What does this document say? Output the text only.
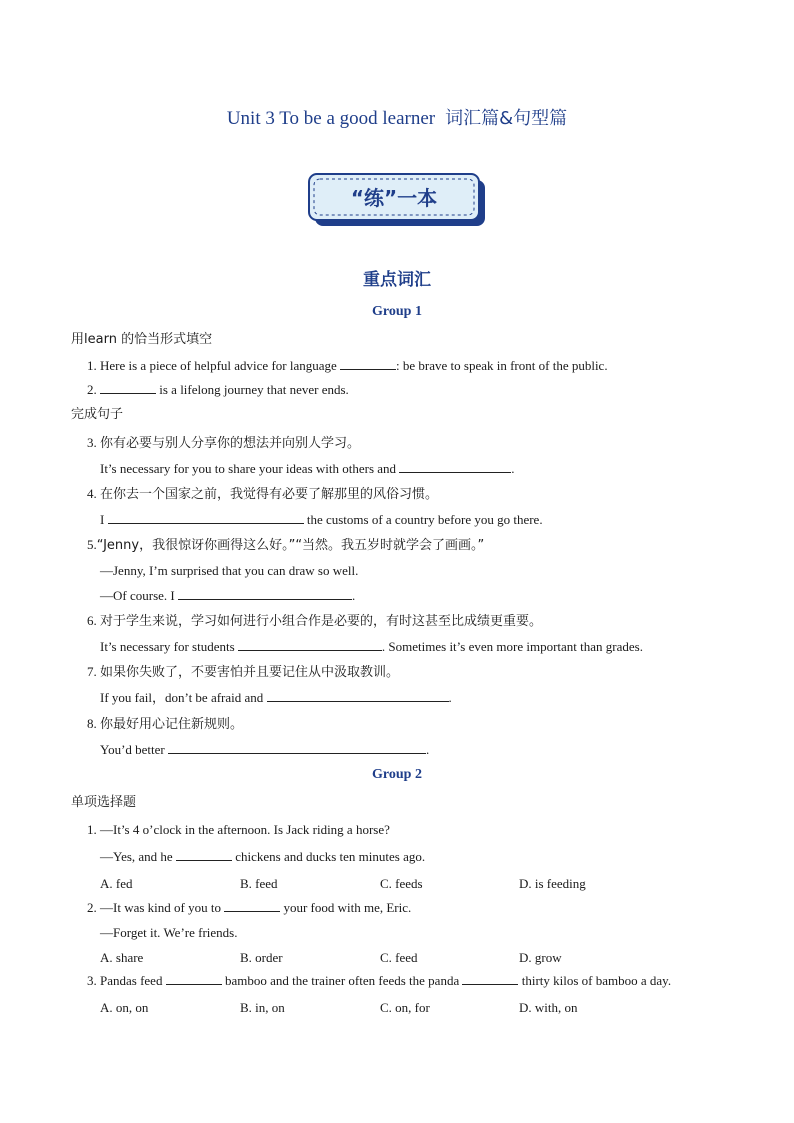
Unit 3 To be a good learner 词汇篇&句型篇
“练”一本
重点词汇
Group 1
用learn 的恰当形式填空
1. Here is a piece of helpful advice for language	: be brave to speak in front of the public.
2.	is a lifelong journey that never ends.
完成句子
3. 你有必要与别人分享你的想法并向别人学习。
It’s necessary for you to share your ideas with others and	.
4. 在你去一个国家之前，我觉得有必要了解那里的风俗习惯。
I	the customs of a country before you go there.
5.“Jenny，我很惊讶你画得这么好。”“当然。我五岁时就学会了画画。”
—Jenny, I’m surprised that you can draw so well.
—Of course. I	.
6. 对于学生来说，学习如何进行小组合作是必要的，有时这甚至比成绩更重要。
It’s necessary for students	. Sometimes it’s even more important than grades.
7. 如果你失败了，不要害怕并且要记住从中汲取教训。
If you fail，don’t be afraid and	.
8. 你最好用心记住新规则。
You’d better	.
Group 2
单项选择题
1. —It’s 4 o’clock in the afternoon. Is Jack riding a horse?
—Yes, and he	chickens and ducks ten minutes ago.
A. fed	B. feed	C. feeds	D. is feeding
2. —It was kind of you to	your food with me, Eric.
—Forget it. We’re friends.
A. share	B. order	C. feed	D. grow
3. Pandas feed	bamboo and the trainer often feeds the panda	thirty kilos of bamboo a day.
A. on, on	B. in, on	C. on, for	D. with, on
